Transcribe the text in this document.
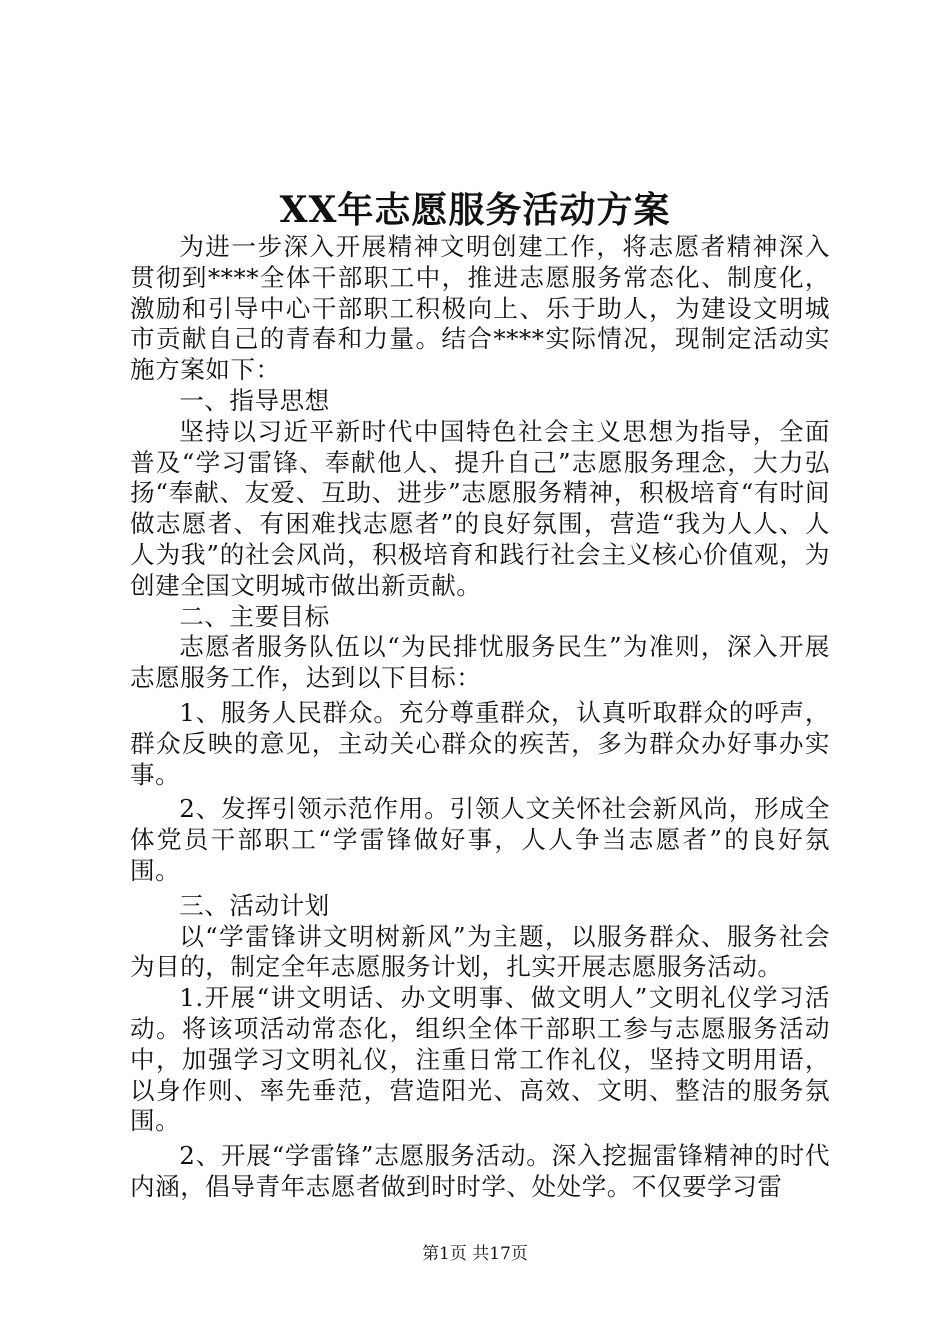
XX年志愿服务活动方案

为进一步深入开展精神文明创建工作，将志愿者精神深入贯彻到****全体干部职工中，推进志愿服务常态化、制度化，激励和引导中心干部职工积极向上、乐于助人，为建设文明城市贡献自己的青春和力量。结合****实际情况，现制定活动实施方案如下：

一、指导思想

坚持以习近平新时代中国特色社会主义思想为指导，全面普及“学习雷锋、奉献他人、提升自己”志愿服务理念，大力弘扬“奉献、友爱、互助、进步”志愿服务精神，积极培育“有时间做志愿者、有困难找志愿者”的良好氛围，营造“我为人人、人人为我”的社会风尚，积极培育和践行社会主义核心价值观，为创建全国文明城市做出新贡献。

二、主要目标

志愿者服务队伍以“为民排忧服务民生”为准则，深入开展志愿服务工作，达到以下目标：

1、服务人民群众。充分尊重群众，认真听取群众的呼声，群众反映的意见，主动关心群众的疾苦，多为群众办好事办实事。

2、发挥引领示范作用。引领人文关怀社会新风尚，形成全体党员干部职工“学雷锋做好事，人人争当志愿者”的良好氛围。

三、活动计划

以“学雷锋讲文明树新风”为主题，以服务群众、服务社会为目的，制定全年志愿服务计划，扎实开展志愿服务活动。

1.开展“讲文明话、办文明事、做文明人”文明礼仪学习活动。将该项活动常态化，组织全体干部职工参与志愿服务活动中，加强学习文明礼仪，注重日常工作礼仪，坚持文明用语，以身作则、率先垂范，营造阳光、高效、文明、整洁的服务氛围。

2、开展“学雷锋”志愿服务活动。深入挖掘雷锋精神的时代内涵，倡导青年志愿者做到时时学、处处学。不仅要学习雷

第1页 共17页
